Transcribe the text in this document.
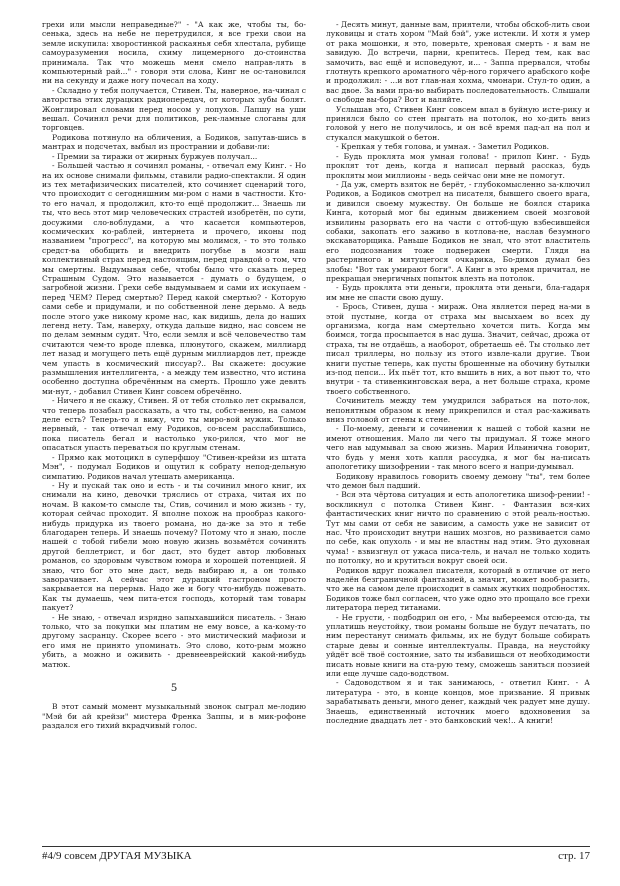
грехи или мысли неправедные?" - "А как же, чтобы ты, бо-сенька, здесь на небе не перетрудился, я все грехи свои на земле искупила: хворостинкой раскаянья себя хлестала, рубище самоуразумения носила, схиму лицемерного до-стоинства принимала. Так что можешь меня смело направ-лять в компьютерный рай..." - говоря эти слова, Кинг не ос-тановился ни на секунду и даже ногу почесал на ходу.

- Складно у тебя получается, Стивен. Ты, наверное, на-чинал с авторства этих дурацких радиопередач, от которых зубы болят. Жонглировал словами перед носом у лопухов. Лапшу на уши вешал. Сочинял речи для политиков, рек-ламные слоганы для торговцев.

Родикова потянуло на обличения, а Бодиков, запутав-шись в мантрах и подсчетах, выбыл из пространии и добави-ли:

- Премии за тиражи от жирных буржуев получал...

- Большей частью я сочинял романы, - отвечал ему Кинг. - Но на их основе снимали фильмы, ставили радио-спектакли. Я один из тех метафизических писателей, кто сочиняет сценарий того, что происходит с сегодняшним ми-ром с нами в частности. Кто-то его начал, я продолжил, кто-то ещё продолжит... Знаешь ли ты, что весь этот мир человеческих страстей изобретён, по сути, досужими сло-воблудами, а что касается компьютеров, космических ко-раблей, интернета и прочего, иконы под названием "прогресс", на которую мы молимся, - то это только средст-ва обобщить и внедрить погубье в мозги наш коллективный страх перед настоящим, перед правдой о том, что мы смертны. Выдумывая себе, чтобы было что сказать перед Страшным Судом. Это называется - думать о будущем, о загробной жизни. Грехи себе выдумываем и сами их искупаем - перед ЧЕМ? Перед смертью? Перед какой смертью? - Которую сами себе и придумали, и по собственной лене дерьмо. А ведь после этого уже никому кроме нас, как видишь, дела до наших легенд нету. Там, наверху, откуда дальше видно, нас совсем не по делам земным судят. Что, если земля и всё человечество там считаются чем-то вроде плевка, плюнутого, скажем, миллиард лет назад и могущего петь ещё дурным миллиардов лет, прежде чем упасть в космический писсуар?.. Вы скажете: досужие размышления интеллигента, - а между тем известно, что истина особенно доступна обречённым на смерть. Прошло уже девять ми-нут, - добавил Стивен Кинг совсем обречённо.

- Ничего я не скажу, Стивен. Я от тебя столько лет скрывался, что теперь позабыл рассказать, а что ты, собст-венно, на самом деле есть? Теперь-то я вижу, что ты миро-вой мужик. Только нервный, - так отвечал ему Родиков, со-всем расслабившись, пока писатель бегал и настолько уко-рился, что мог не опасаться упасть переваться по круглым стенам.

- Прямо как мотоцикл в суперфшоу "Стивен-крейзи из штата Мэн", - подумал Бодиков и ощутил к собрату непод-дельную симпатию. Родиков начал утешать американца.

- Ну и пускай так оно и есть - и ты сочинил много книг, их снимали на кино, девочки тряслись от страха, читая их по ночам. В каком-то смысле ты, Стив, сочинил и мою жизнь - ту, которая сейчас проходит. Я вполне похож на прообраз какого-нибудь придурка из твоего романа, но да-же за это я тебе благодарен теперь. И знаешь почему? Потому что я знаю, после нашей с тобой гибели мою новую жизнь возьмётся сочинять другой беллетрист, и бог даст, это будет автор любовных романов, со здоровым чувством юмора и хорошей потенцией. Я знаю, что бог это мне даст, ведь выбираю я, а он только заворачивает. А сейчас этот дурацкий гастроном просто закрывается на перерыв. Надо же и богу что-нибудь пожевать. Как ты думаешь, чем пита-ется господь, который там товары пакует?

- Не знаю, - отвечал изрядно запыхавшийся писатель. - Знаю только, что за покупки мы платим не ему вовсе, а ка-кому-то другому засранцу. Скорее всего - это мистический мафиози и его имя не принято упоминать. Это слово, кото-рым можно убить, а можно и оживить - древнееврейский какой-нибудь матюк.

5

В этот самый момент музыкальный звонок сыграл ме-лодию "Мэй би ай крейзи" мистера Френка Заппы, и в мик-рофоне раздался его тихий вкрадчивый голос.

- Десять минут, данные вам, приятели, чтобы обскоб-лить свои луковицы и стать хором "Май бэй", уже истекли. И хотя я умер от рака мошонки, я это, поверьте, хреновая смерть - я вам не завидую. До встречи, парни, крепитесь. Перед тем, как вас замочить, вас ещё и исповедуют, и... - Заппа прервался, чтобы глотнуть крепкого ароматного чёр-ного горячего арабского кофе и продолжил: - ...и вот глав-ная хохма, чмонари. Стул-то один, а вас двое. За вами пра-во выбирать последовательность. Слышали о свободе вы-бора? Вот и валяйте.

Услышав это, Стивен Кинг совсем впал в буйную исте-рику и принялся было со стен прыгать на потолок, но хо-дить вниз головой у него не получилось, и он всё время пад-ал на пол и стукался макушкой о бетон.

- Крепкая у тебя голова, и умная. - Заметил Родиков.

- Будь проклята моя умная голова! - прилоп Кинг. - Будь проклят тот день, когда я написал первый рассказ, будь прокляты мои миллионы - ведь сейчас они мне не помогут.

- Да уж, смерть взяток не берёт, - глубокомысленно за-ключил Родиков, а Бодиков смотрел на писателя, бывшего своего врага, и дивился своему мужеству. Он больше не боялся старика Кинга, который мог бы единым движением своей мозговой извилины разорвать его на части с оттоб-щую взбесившейся собаки, закопать его заживо в котлова-не, наслав безумного экскаваторщика. Раньше Бодиков не знал, что этот властитель его подсознания тоже подвержен смерти. Глядя на растерянного и мятущегося очкарика, Бо-диков думал без злобы: "Вот так умирают боги". А Кинг в это время причитал, не прекращая энергичных попыток влезть на потолок.

- Будь проклята эти деньги, проклята эти деньги, бла-гадаря им мне не спасти свою душу.

- Брось, Стивен, душа - мираж. Она является перед на-ми в этой пустыне, когда от страха мы высыхаем во всех ду организма, когда нам смертельно хочется пить. Когда мы боимся, тогда просыпается в нас душа. Значит, сейчас, дрожа от страха, ты не отдаёшь, а наоборот, обретаешь её. Ты столько лет писал триллеры, но пользу из этого извле-кали другие. Твои книги пустые теперь, как пусты брошенные на обочину бутылки из-под пепси... Их пьёт тот, кто вышить в них, а вот пьют то, что внутри - та стивенкинговская вера, а нет больше страха, кроме твоего собственного.

Сочинитель между тем умудрился забраться на пото-лок, непонятным образом к нему прикрепился и стал рас-хаживать вниз головой от стены к стене.

- По-моему, деньги и сочинения к нашей с тобой казни не имеют отношения. Мало ли чего ты придумал. Я тоже много чего нав ыдумывал за свою жизнь. Мария Ильинична говорит, что будь у меня хоть капля рассудка, я мог бы на-писать апологетику шизофрении - так много всего я напри-думывал.

Бодикову нравилось говорить своему демону "ты", тем более что демон был падший.

- Вся эта чёртова ситуация и есть апологетика шизоф-рении! - воскликнул с потолка Стивен Кинг. - Фантазия вся-ких фантастических книг ничто по сравнению с этой реаль-ностью. Тут мы сами от себя не зависим, а самость уже не зависит от нас. Что происходит внутри наших мозгов, но развивается само по себе, как опухоль - и мы не властны над этим. Это духовная чума! - взвизгнул от ужаса писа-тель, и начал не только ходить по потолку, но и крутиться вокруг своей оси.

Родиков вдруг пожалел писателя, который в отличие от него наделён безграничной фантазией, а значит, может вооб-разить, что же на самом деле происходит в самых жутких подробностях. Бодиков тоже был согласен, что уже одно это прощало все грехи литератора перед титанами.

- Не грусти, - подбодрил он его, - Мы выбереемся отсю-да, ты уплатишь неустойку, твои романы больше не будут печатать, по ним перестанут снимать фильмы, их не будут больше собирать старые девы и сонные интеллектуалы. Правда, на неустойку уйдёт всё твоё состояние, зато ты избавишься от необходимости писать новые книги на ста-рую тему, сможешь заняться поэзией или еще лучше садо-водством.

- Садоводством я и так занимаюсь, - ответил Кинг. - А литература - это, в конце концов, мое призвание. Я привык зарабатывать деньги, много денег, каждый чек радует мне душу. Знаешь, единственный источник моего вдохновения за последние двадцать лет - это банковский чек!.. А книги!

#4/9 совсем ДРУГАЯ МУЗЫКА	стр. 17
